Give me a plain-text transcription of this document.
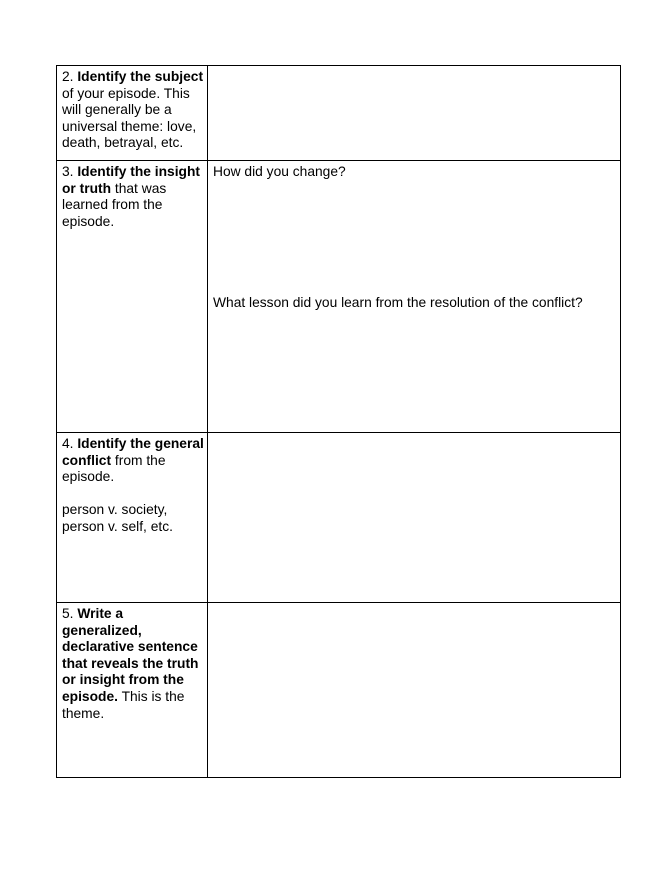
2. Identify the subject of your episode. This will generally be a universal theme: love, death, betrayal, etc.

3. Identify the insight or truth that was learned from the episode.

How did you change?

What lesson did you learn from the resolution of the conflict?

4. Identify the general conflict from the episode.

person v. society, person v. self, etc.

5. Write a generalized, declarative sentence that reveals the truth or insight from the episode. This is the theme.
